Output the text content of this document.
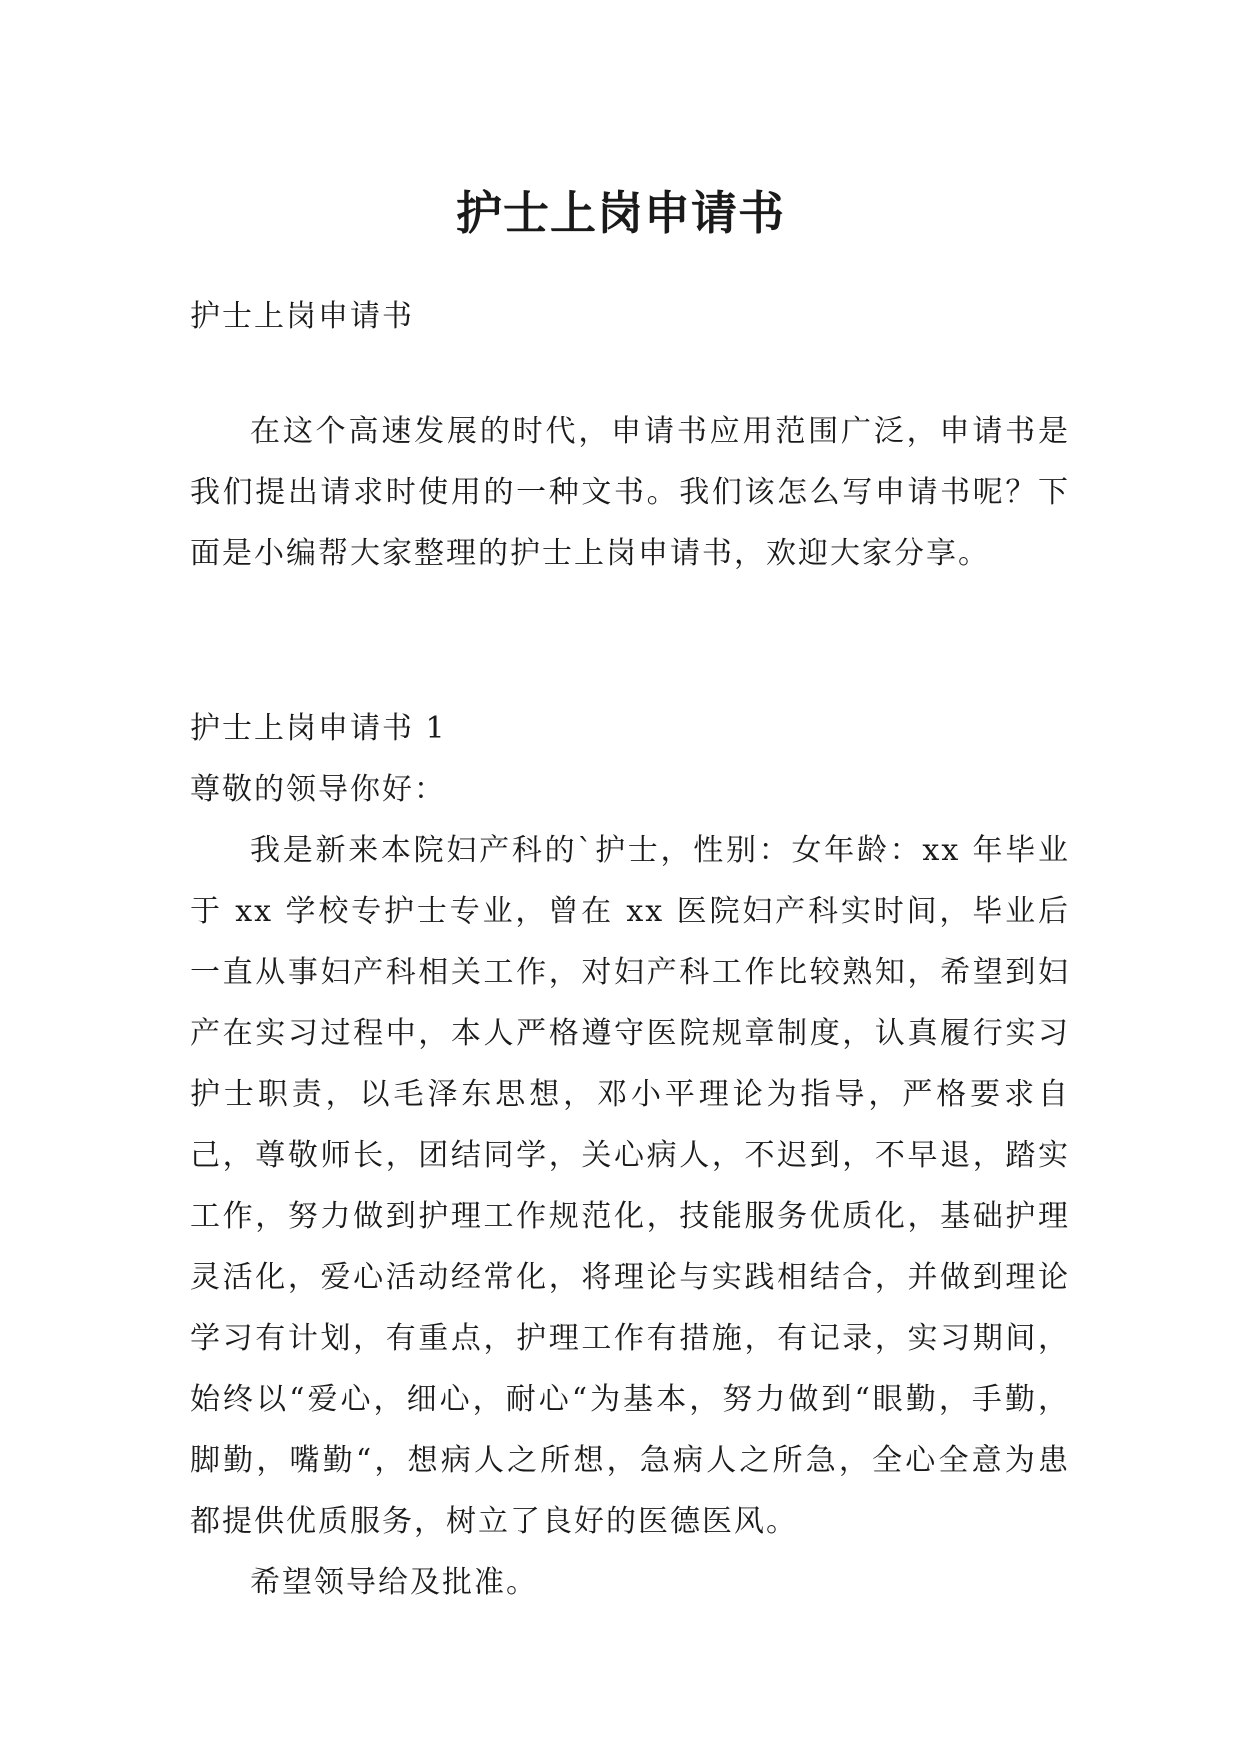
护士上岗申请书

护士上岗申请书

在这个高速发展的时代，申请书应用范围广泛，申请书是我们提出请求时使用的一种文书。我们该怎么写申请书呢？下面是小编帮大家整理的护士上岗申请书，欢迎大家分享。

护士上岗申请书 1

尊敬的领导你好：

我是新来本院妇产科的`护士，性别：女年龄：xx 年毕业于 xx 学校专护士专业，曾在 xx 医院妇产科实时间，毕业后一直从事妇产科相关工作，对妇产科工作比较熟知，希望到妇产在实习过程中，本人严格遵守医院规章制度，认真履行实习护士职责，以毛泽东思想，邓小平理论为指导，严格要求自己，尊敬师长，团结同学，关心病人，不迟到，不早退，踏实工作，努力做到护理工作规范化，技能服务优质化，基础护理灵活化，爱心活动经常化，将理论与实践相结合，并做到理论学习有计划，有重点，护理工作有措施，有记录，实习期间，始终以“爱心，细心，耐心“为基本，努力做到“眼勤，手勤，脚勤，嘴勤“，想病人之所想，急病人之所急，全心全意为患都提供优质服务，树立了良好的医德医风。

希望领导给及批准。
